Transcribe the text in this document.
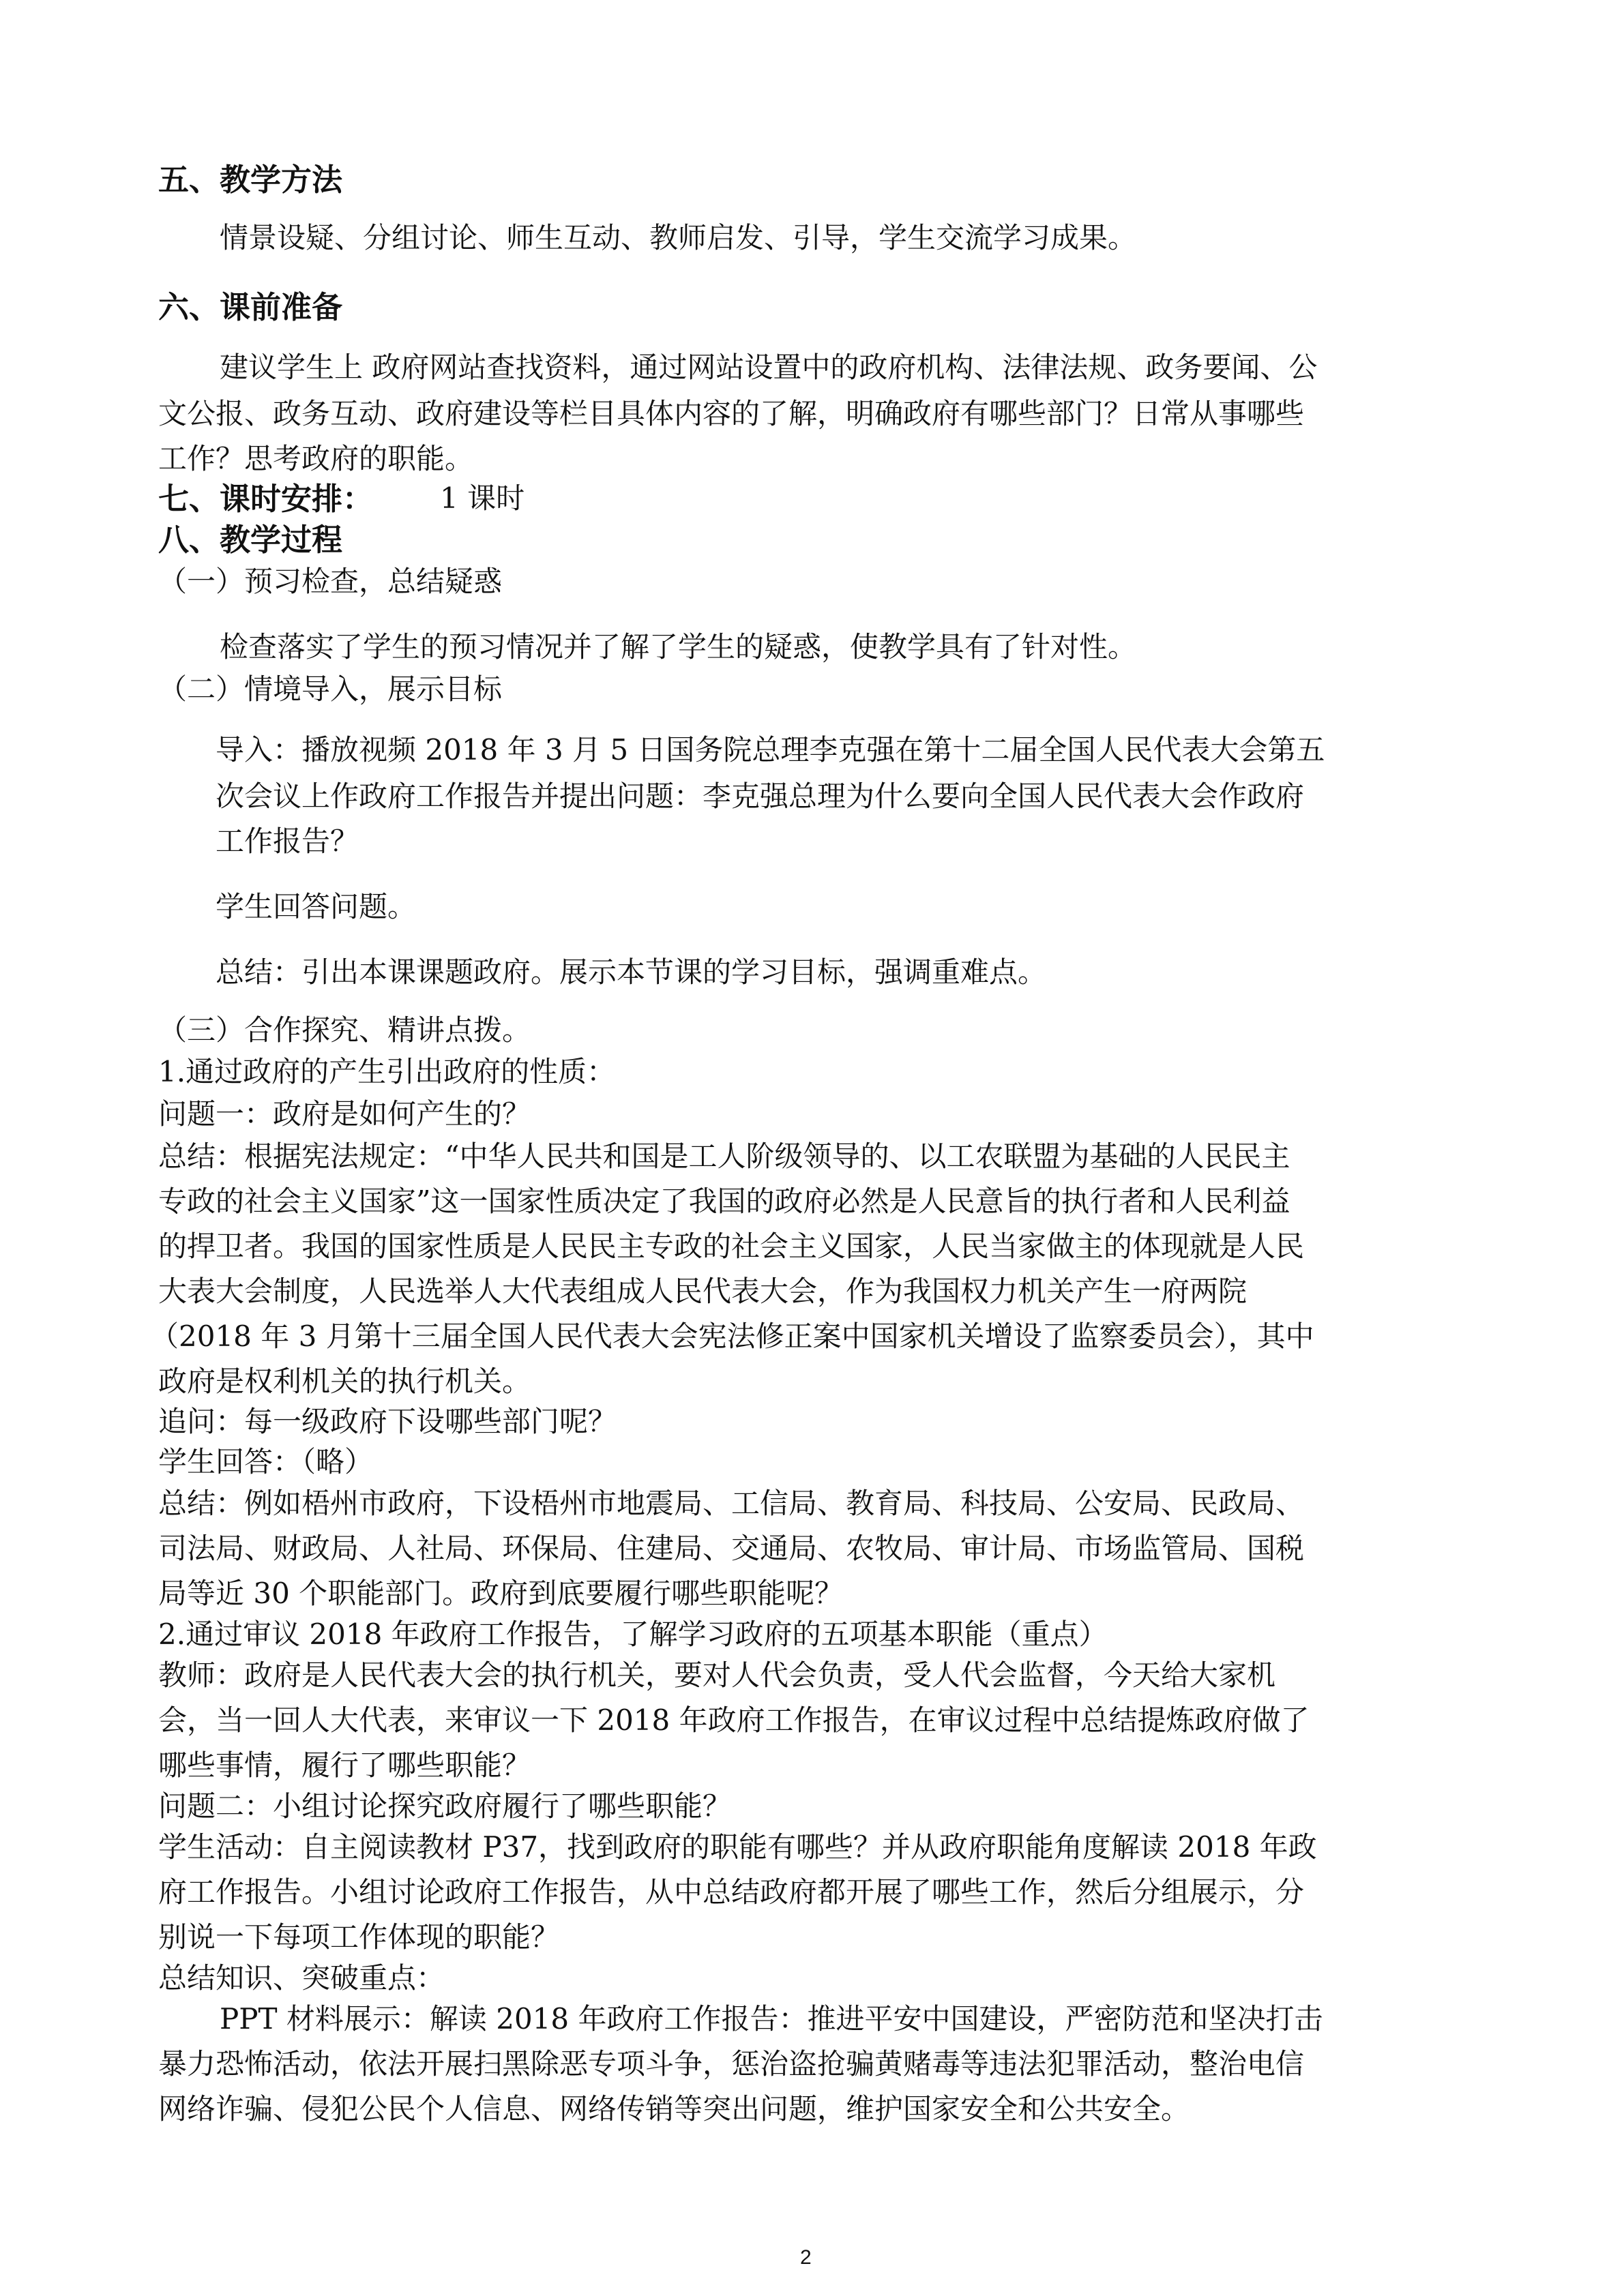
五、教学方法
情景设疑、分组讨论、师生互动、教师启发、引导，学生交流学习成果。
六、课前准备
建议学生上 政府网站查找资料，通过网站设置中的政府机构、法律法规、政务要闻、公
文公报、政务互动、政府建设等栏目具体内容的了解，明确政府有哪些部门？日常从事哪些
工作？思考政府的职能。
七、课时安排： 1 课时
八、教学过程
（一）预习检查，总结疑惑
检查落实了学生的预习情况并了解了学生的疑惑，使教学具有了针对性。
（二）情境导入，展示目标
导入：播放视频 2018 年 3 月 5 日国务院总理李克强在第十二届全国人民代表大会第五
次会议上作政府工作报告并提出问题：李克强总理为什么要向全国人民代表大会作政府
工作报告？
学生回答问题。
总结：引出本课课题政府。展示本节课的学习目标，强调重难点。
（三）合作探究、精讲点拨。
1.通过政府的产生引出政府的性质：
问题一：政府是如何产生的？
总结：根据宪法规定：“中华人民共和国是工人阶级领导的、以工农联盟为基础的人民民主
专政的社会主义国家”这一国家性质决定了我国的政府必然是人民意旨的执行者和人民利益
的捍卫者。我国的国家性质是人民民主专政的社会主义国家，人民当家做主的体现就是人民
大表大会制度，人民选举人大代表组成人民代表大会，作为我国权力机关产生一府两院
（2018 年 3 月第十三届全国人民代表大会宪法修正案中国家机关增设了监察委员会），其中
政府是权利机关的执行机关。
追问：每一级政府下设哪些部门呢？
学生回答：（略）
总结：例如梧州市政府，下设梧州市地震局、工信局、教育局、科技局、公安局、民政局、
司法局、财政局、人社局、环保局、住建局、交通局、农牧局、审计局、市场监管局、国税
局等近 30 个职能部门。政府到底要履行哪些职能呢？
2.通过审议 2018 年政府工作报告，了解学习政府的五项基本职能（重点）
教师：政府是人民代表大会的执行机关，要对人代会负责，受人代会监督，今天给大家机
会，当一回人大代表，来审议一下 2018 年政府工作报告，在审议过程中总结提炼政府做了
哪些事情，履行了哪些职能？
问题二：小组讨论探究政府履行了哪些职能？
学生活动：自主阅读教材 P37，找到政府的职能有哪些？并从政府职能角度解读 2018 年政
府工作报告。小组讨论政府工作报告，从中总结政府都开展了哪些工作，然后分组展示，分
别说一下每项工作体现的职能？
总结知识、突破重点：
PPT 材料展示：解读 2018 年政府工作报告：推进平安中国建设，严密防范和坚决打击
暴力恐怖活动，依法开展扫黑除恶专项斗争，惩治盗抢骗黄赌毒等违法犯罪活动，整治电信
网络诈骗、侵犯公民个人信息、网络传销等突出问题，维护国家安全和公共安全。
2
